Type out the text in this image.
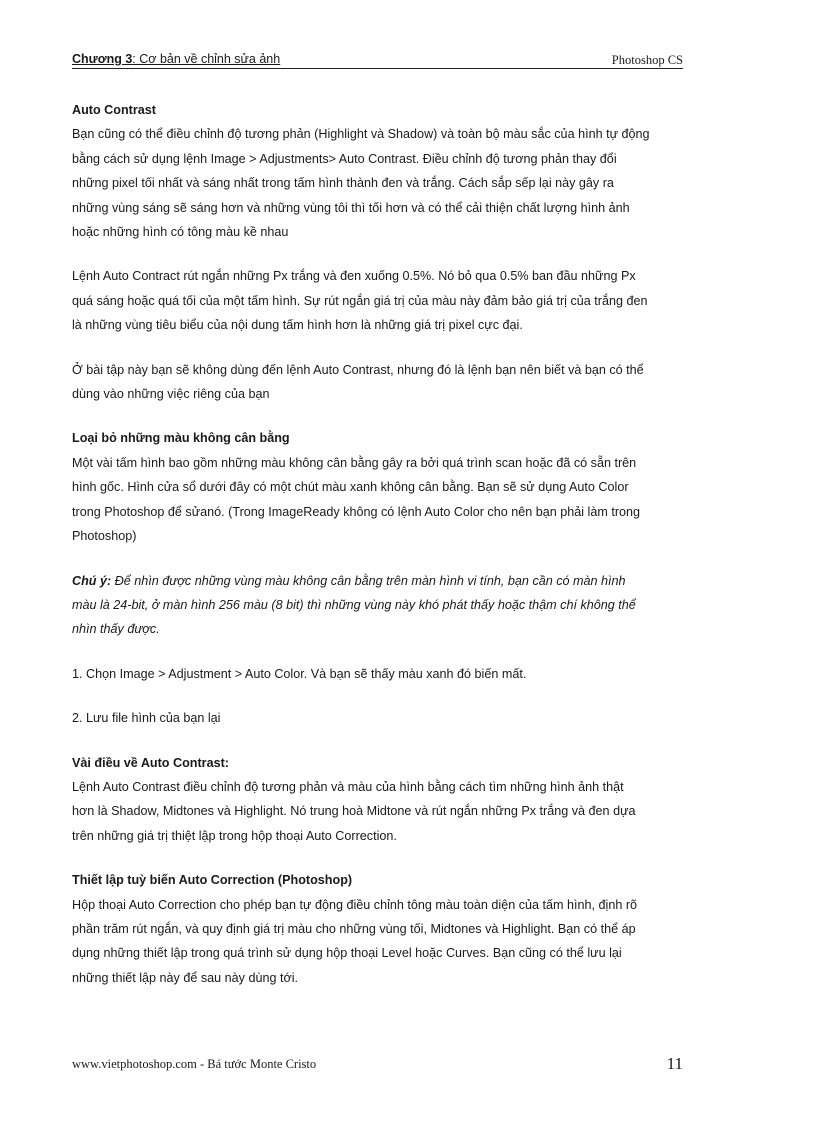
Chương 3: Cơ bản về chỉnh sửa ảnh	Photoshop CS

Auto Contrast

Bạn cũng có thể điều chỉnh độ tương phản (Highlight và Shadow) và toàn bộ màu sắc của hình tự động

bằng cách sử dụng lệnh Image > Adjustments> Auto Contrast. Điều chỉnh độ tương phản thay đổi

những pixel tối nhất và sáng nhất trong tấm hình thành đen và trắng. Cách sắp sếp lại này gây ra

những vùng sáng sẽ sáng hơn và những vùng tôi thì tối hơn và có thể cải thiện chất lượng hình ảnh

hoặc những hình có tông màu kề nhau

Lệnh Auto Contract rút ngắn những Px trắng và đen xuống 0.5%. Nó bỏ qua 0.5% ban đầu những Px

quá sáng hoặc quá tối của một tấm hình. Sự rút ngắn giá trị của màu này đảm bảo giá trị của trắng đen

là những vùng tiêu biểu của nội dung tấm hình hơn là những giá trị pixel cực đại.

Ở bài tập này bạn sẽ không dùng đến lệnh Auto Contrast, nhưng đó là lệnh bạn nên biết và bạn có thể

dùng vào những việc riêng của bạn

Loại bỏ những màu không cân bằng

Một vài tấm hình bao gồm những màu không cân bằng gây ra bởi quá trình scan hoặc đã có sẵn trên

hình gốc. Hình cửa sổ dưới đây có một chút màu xanh không cân bằng. Bạn sẽ sử dụng Auto Color

trong Photoshop để sửanó. (Trong ImageReady không có lệnh Auto Color cho nên bạn phải làm trong

Photoshop)

Chú ý: Để nhìn được những vùng màu không cân bằng trên màn hình vi tính, bạn cần có màn hình

màu là 24-bit, ở màn hình 256 màu (8 bit) thì những vùng này khó phát thấy hoặc thậm chí không thể

nhìn thấy được.

1. Chọn Image > Adjustment > Auto Color. Và bạn sẽ thấy màu xanh đó biến mất.

2. Lưu file hình của bạn lại

Vài điều về Auto Contrast:

Lệnh Auto Contrast điều chỉnh độ tương phản và màu của hình bằng cách tìm những hình ảnh thật

hơn là Shadow, Midtones và Highlight. Nó trung hoà Midtone và rút ngắn những Px trắng và đen dựa

trên những giá trị thiệt lập trong hộp thoại Auto Correction.

Thiết lập tuỳ biến Auto Correction (Photoshop)

Hộp thoại Auto Correction cho phép bạn tự động điều chỉnh tông màu toàn diện của tấm hình, định rõ

phần trăm rút ngắn, và quy định giá trị màu cho những vùng tối, Midtones và Highlight. Bạn có thể áp

dụng những thiết lập trong quá trình sử dụng hộp thoại Level hoặc Curves. Bạn cũng có thể lưu lại

những thiết lập này để sau này dùng tới.

www.vietphotoshop.com - Bá tước Monte Cristo	11
